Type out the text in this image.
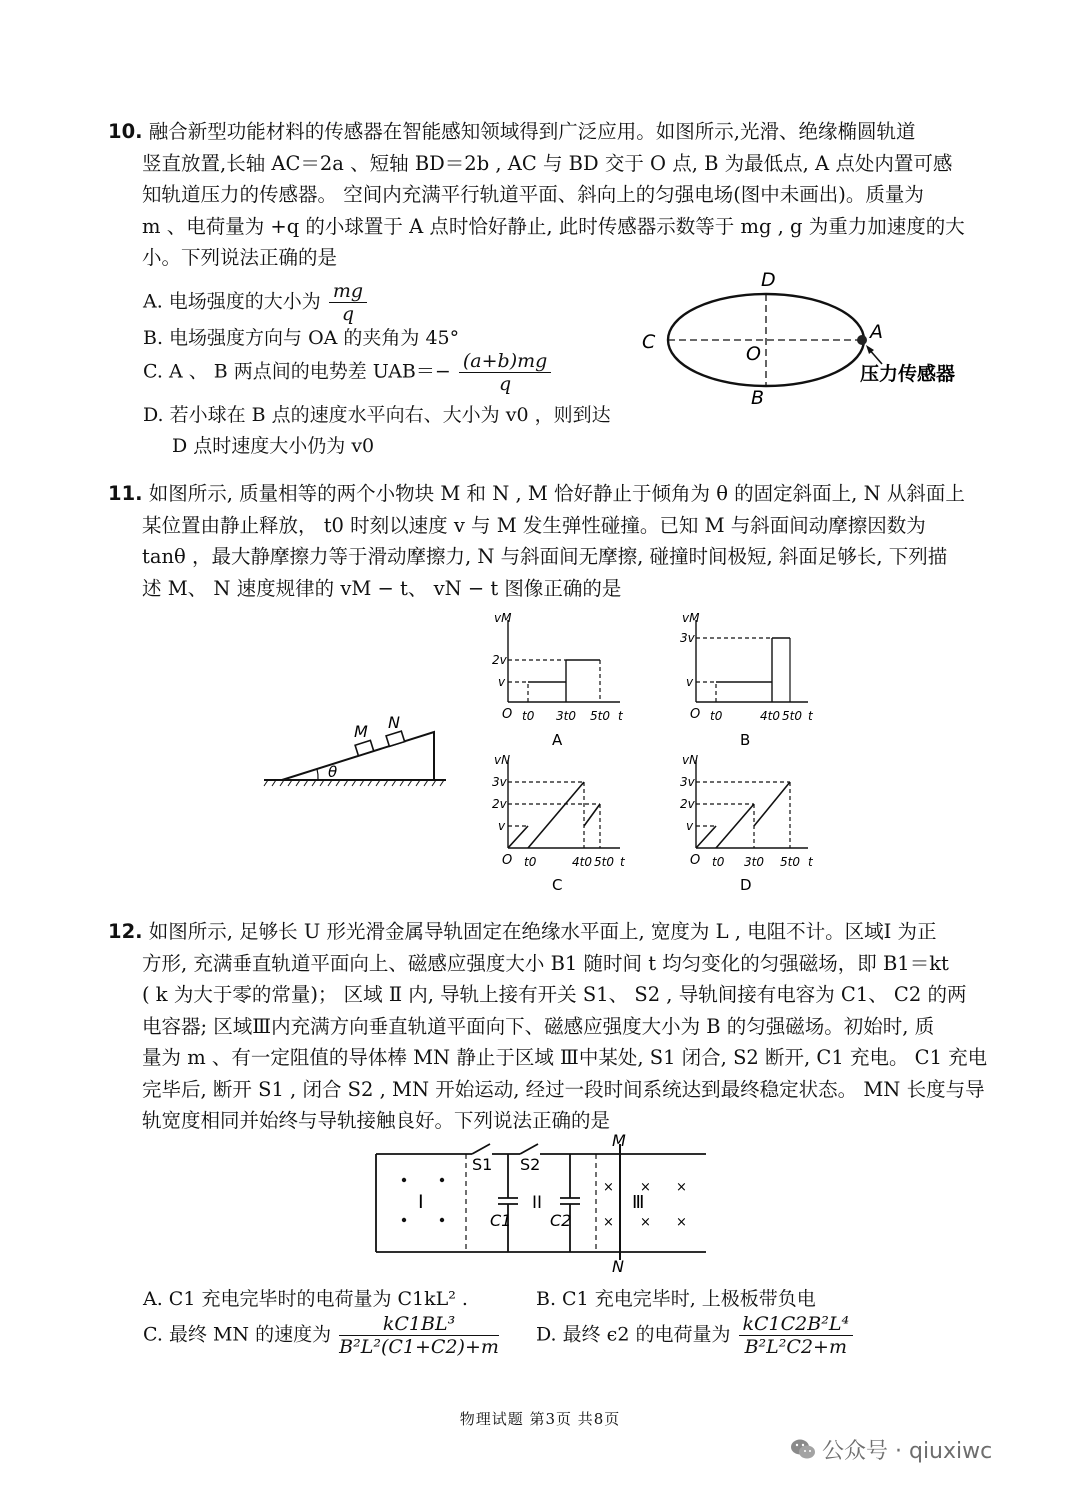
10. 融合新型功能材料的传感器在智能感知领域得到广泛应用。如图所示,光滑、绝缘椭圆轨道
竖直放置,长轴 AC＝2a 、短轴 BD＝2b , AC 与 BD 交于 O 点, B 为最低点, A 点处内置可感
知轨道压力的传感器。 空间内充满平行轨道平面、斜向上的匀强电场(图中未画出)。质量为
m 、电荷量为 +q 的小球置于 A 点时恰好静止, 此时传感器示数等于 mg , g 为重力加速度的大
小。下列说法正确的是
A. 电场强度的大小为 $\frac{mg}{q}$
B. 电场强度方向与 OA 的夹角为 45°
C. A 、 B 两点间的电势差 $UAB=- \frac{(a+b)mg}{q}$
D. 若小球在 B 点的速度水平向右、大小为 v0 ，则到达
D 点时速度大小仍为 v0
D
C
O
A
B
压力传感器
11. 如图所示, 质量相等的两个小物块 M 和 N , M 恰好静止于倾角为 θ 的固定斜面上, N 从斜面上
某位置由静止释放， t0 时刻以速度 v 与 M 发生弹性碰撞。已知 M 与斜面间动摩擦因数为
tanθ ，最大静摩擦力等于滑动摩擦力, N 与斜面间无摩擦, 碰撞时间极短, 斜面足够长, 下列描
述 M、 N 速度规律的 vM − t、 vN − t 图像正确的是
θ
M N
vM
2v
v
O t0 3t0 5t0 t
A
vM
3v
v
O t0	4t0 5t0 t
B
vN
3v
2v
v
O t0	4t0 5t0 t
C
vN
3v
2v
v
O t0 3t0 5t0 t
D
12. 如图所示, 足够长 U 形光滑金属导轨固定在绝缘水平面上, 宽度为 L , 电阻不计。区域Ⅰ 为正
方形, 充满垂直轨道平面向上、磁感应强度大小 B1 随时间 t 均匀变化的匀强磁场，即 B1＝kt
( k 为大于零的常量)； 区域 Ⅱ 内, 导轨上接有开关 S1、 S2 , 导轨间接有电容为 C1、 C2 的两
电容器; 区域Ⅲ内充满方向垂直轨道平面向下、磁感应强度大小为 B 的匀强磁场。初始时, 质
量为 m 、有一定阻值的导体棒 MN 静止于区域 Ⅲ中某处, S1 闭合, S2 断开, C1 充电。 C1 充电
完毕后, 断开 S1 , 闭合 S2 , MN 开始运动, 经过一段时间系统达到最终稳定状态。 MN 长度与导
轨宽度相同并始终与导轨接触良好。下列说法正确的是
×
×
×
×
×
×
I	II	Ⅲ
S1 S2
C1 C2
M
N
A. C1 充电完毕时的电荷量为 C1kL² .	B. C1 充电完毕时, 上极板带负电
C. 最终 MN 的速度为 $\frac{\text{kC1BL³}}{\text{B²L²(C1+C2)+m}} D$. 最终 ϵ2 的电荷量为 $\frac{\text{kC1C2B²L⁴}}{\text{B²L²C2+m}}$
物理试题 第3页 共8页
公众号 · qiuxiwc
